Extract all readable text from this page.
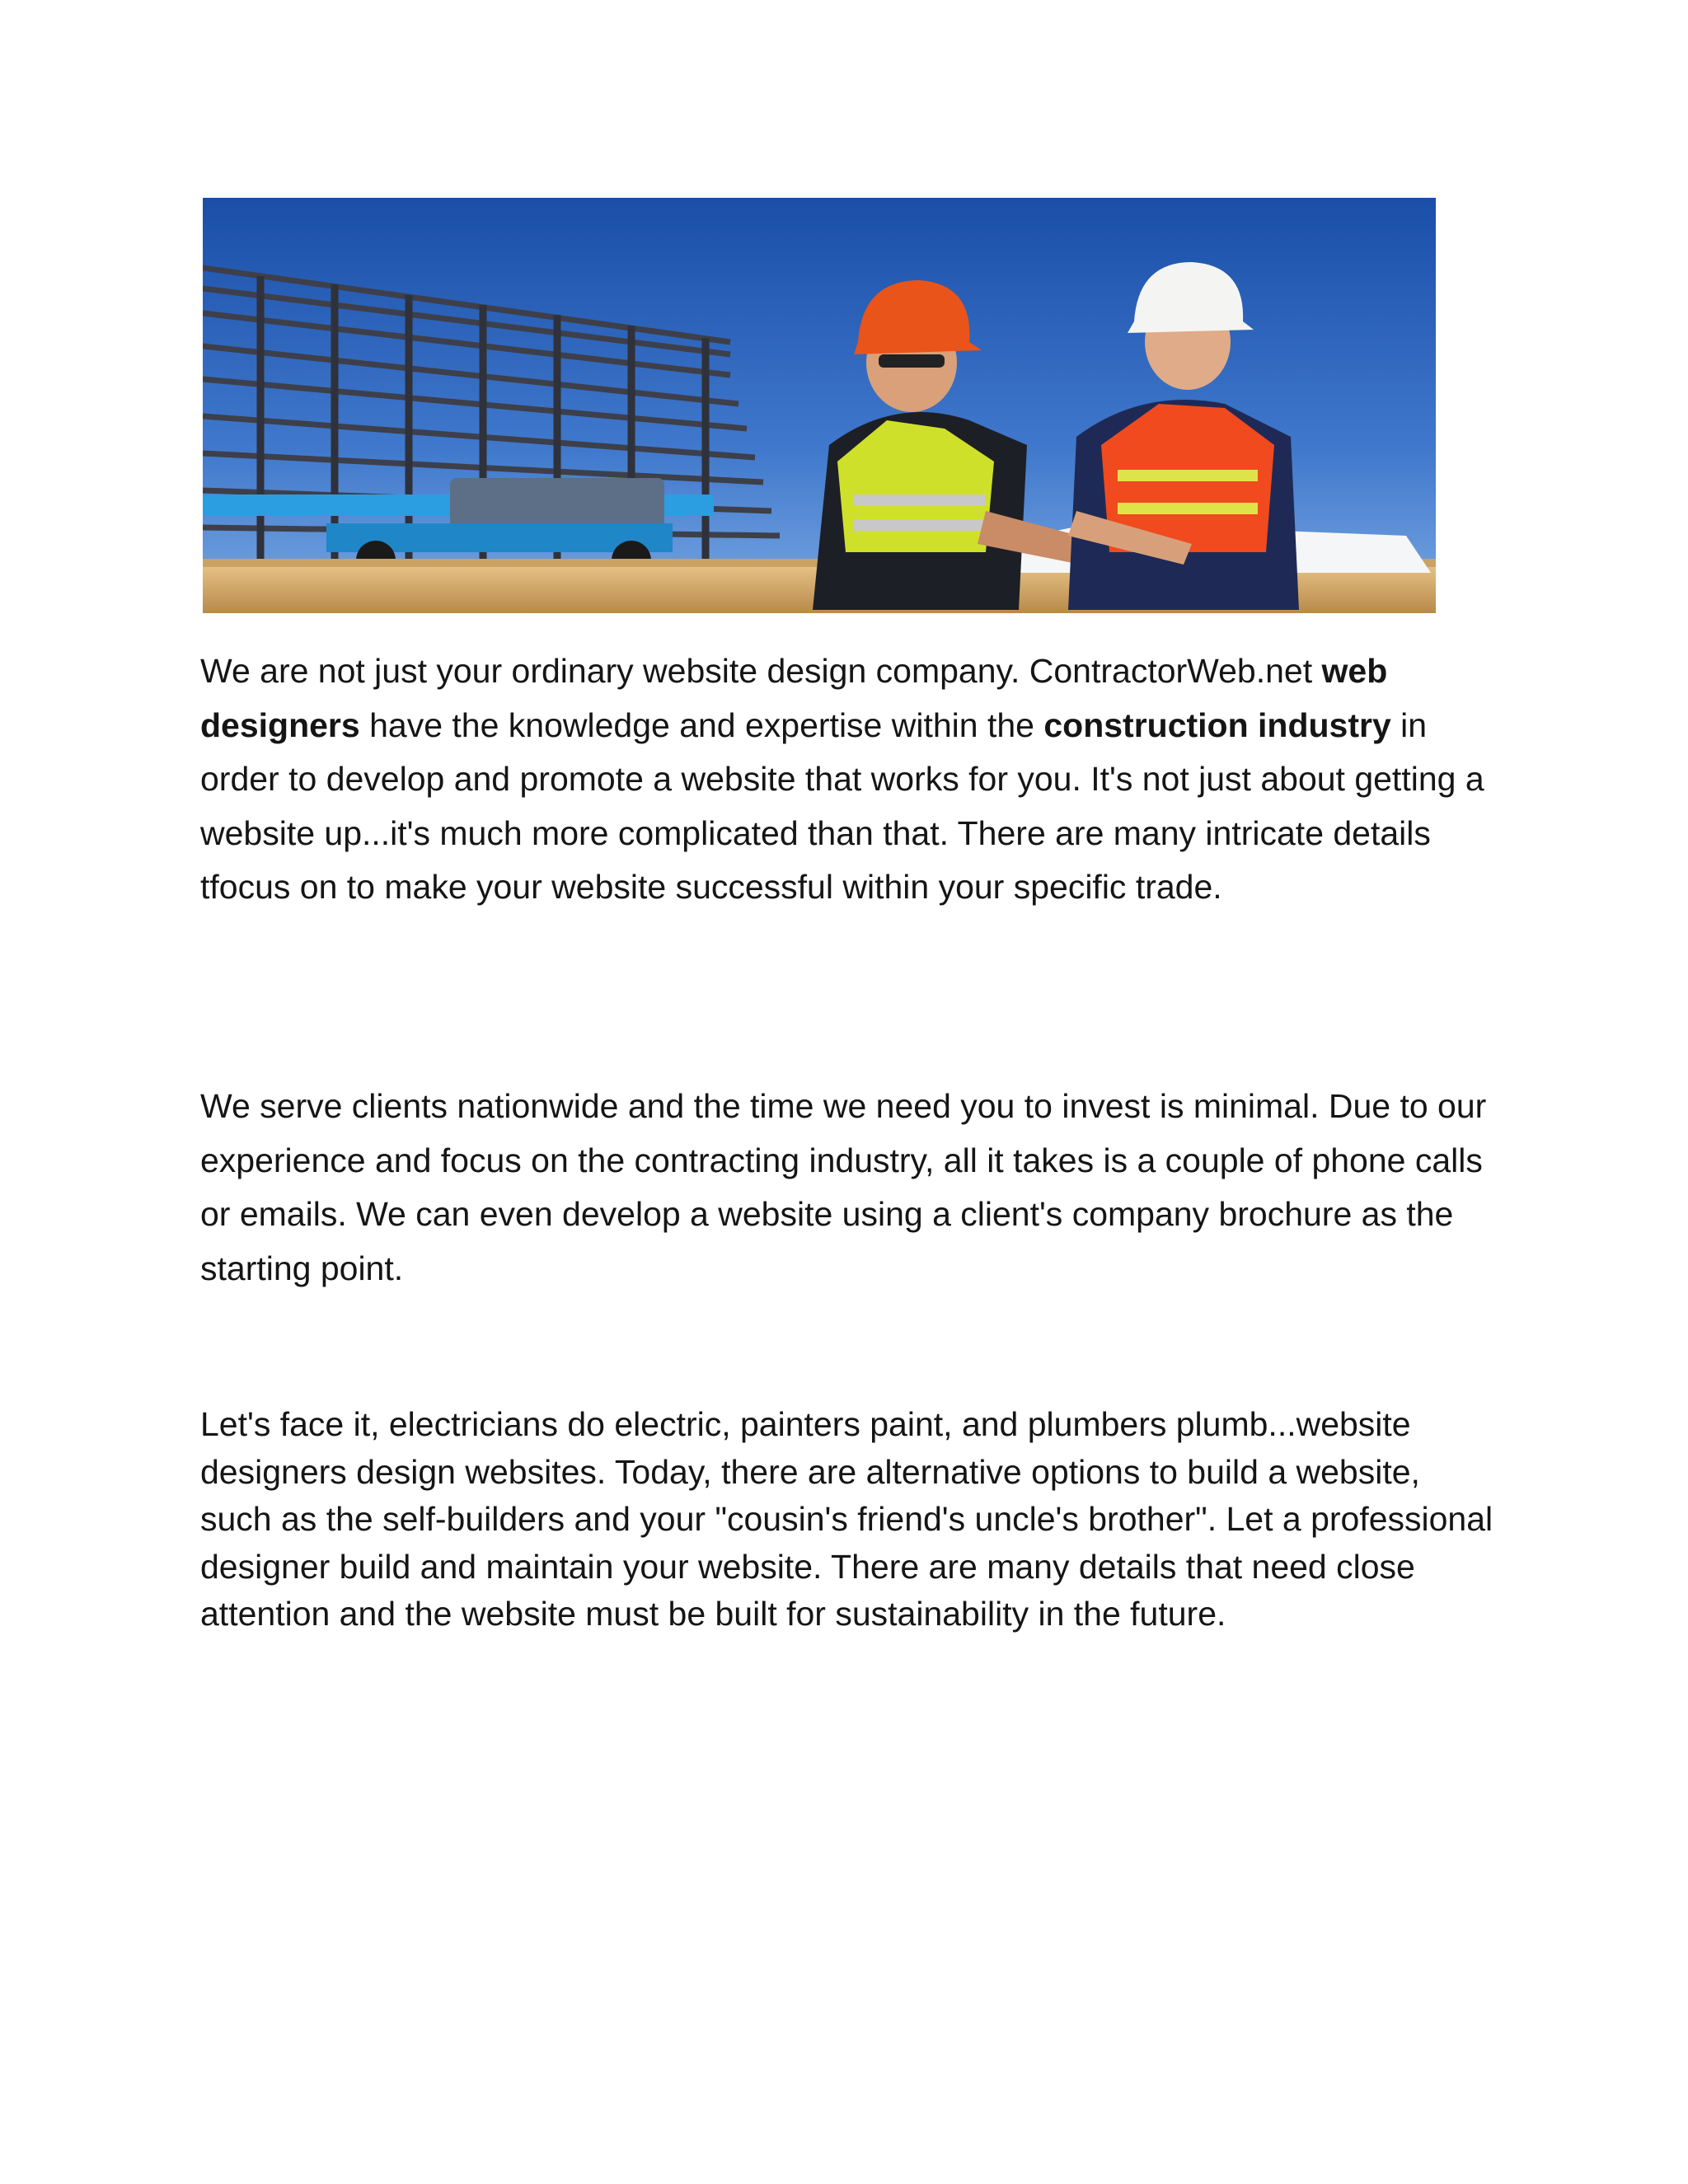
We are not just your ordinary website design company. ContractorWeb.net web designers have the knowledge and expertise within the construction industry in order to develop and promote a website that works for you. It's not just about getting a website up...it's much more complicated than that. There are many intricate details tfocus on to make your website successful within your specific trade.

We serve clients nationwide and the time we need you to invest is minimal. Due to our experience and focus on the contracting industry, all it takes is a couple of phone calls or emails. We can even develop a website using a client's company brochure as the starting point.

Let's face it, electricians do electric, painters paint, and plumbers plumb...website designers design websites. Today, there are alternative options to build a website, such as the self-builders and your "cousin's friend's uncle's brother". Let a professional designer build and maintain your website. There are many details that need close attention and the website must be built for sustainability in the future.
